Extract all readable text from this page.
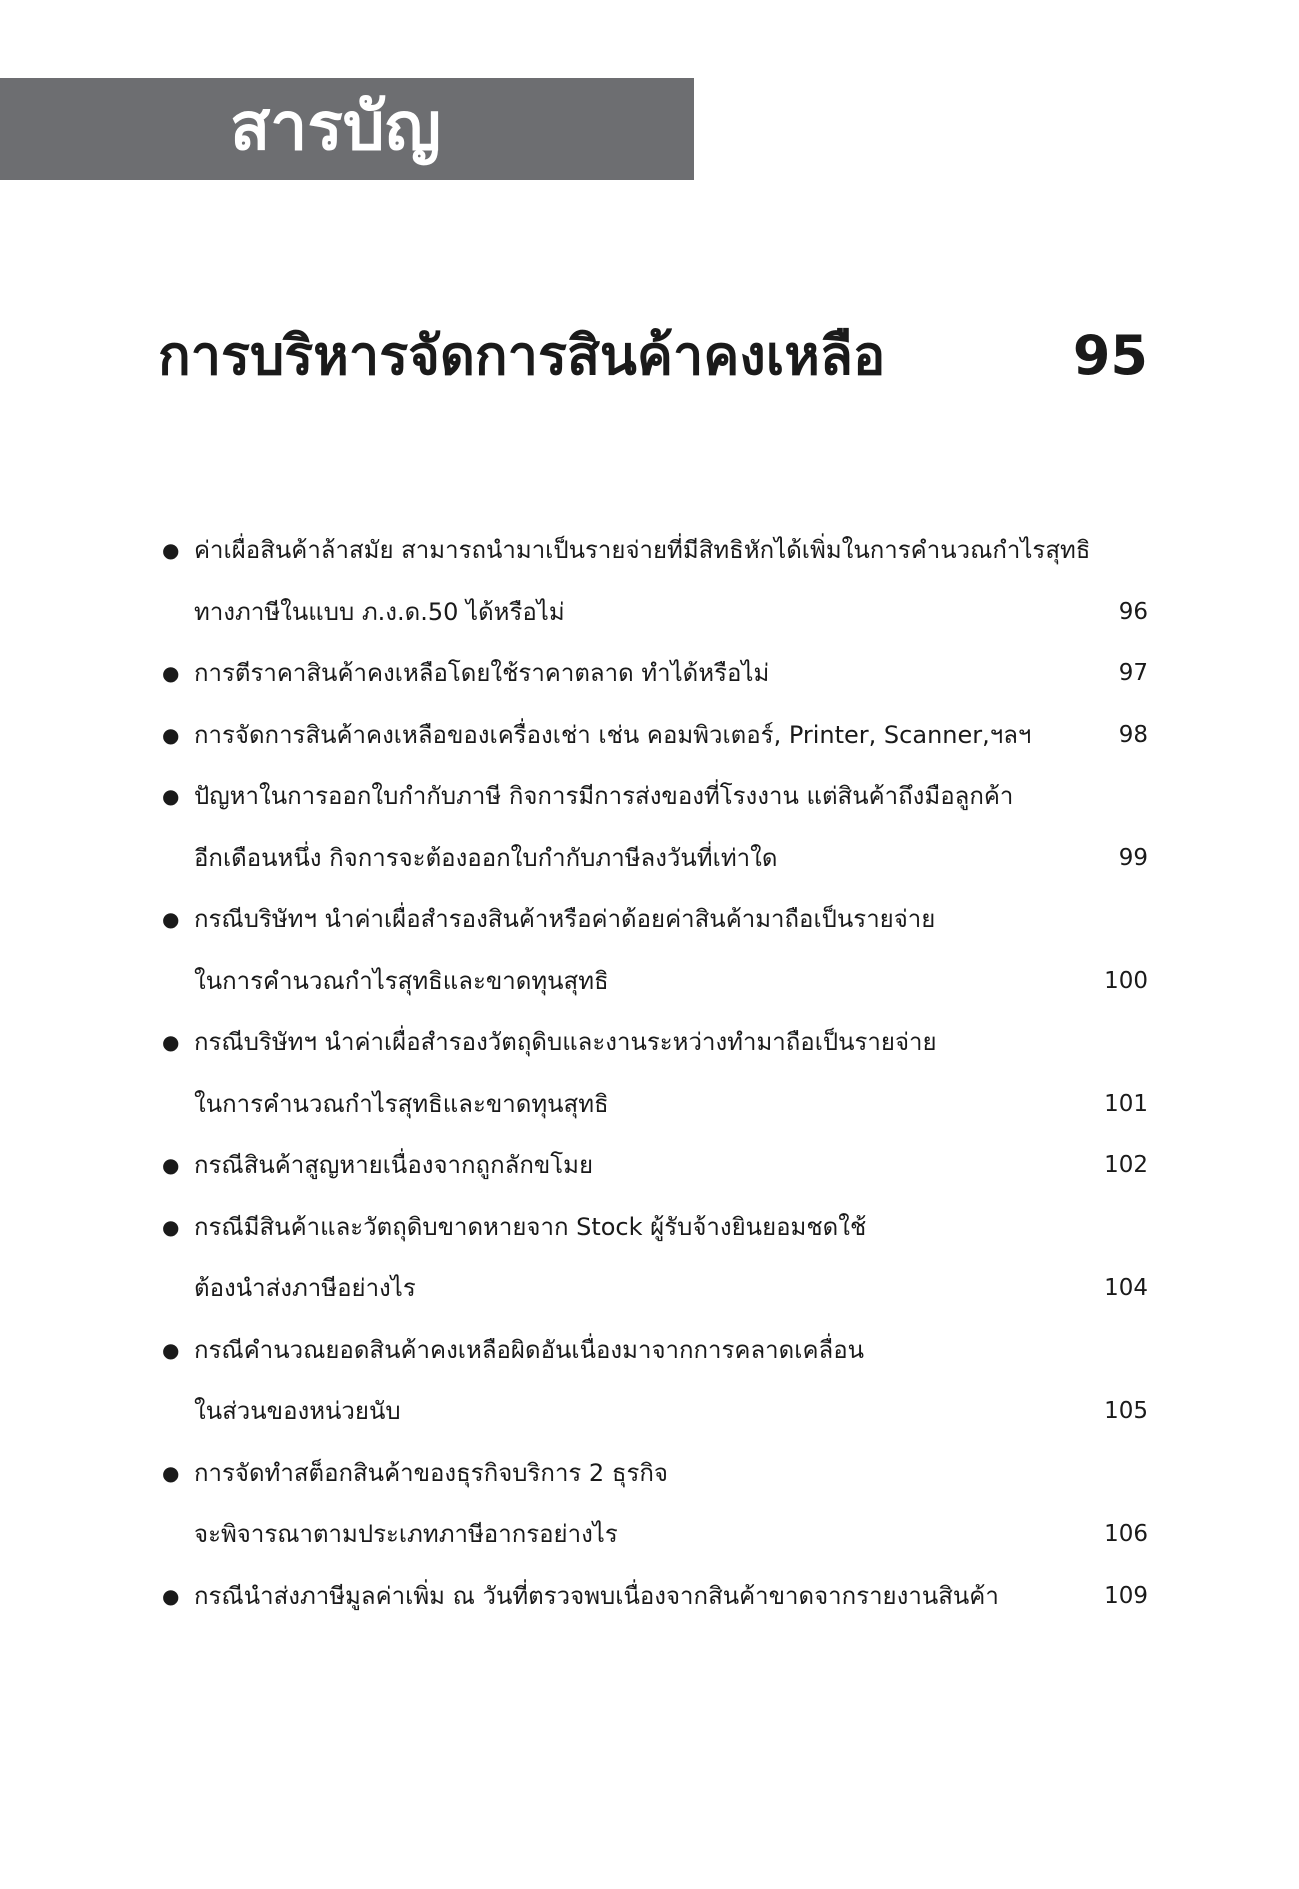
สารบัญ
การบริหารจัดการสินค้าคงเหลือ	95
● ค่าเผื่อสินค้าล้าสมัย สามารถนำมาเป็นรายจ่ายที่มีสิทธิหักได้เพิ่มในการคำนวณกำไรสุทธิ
ทางภาษีในแบบ ภ.ง.ด.50 ได้หรือไม่	96
● การตีราคาสินค้าคงเหลือโดยใช้ราคาตลาด ทำได้หรือไม่	97
● การจัดการสินค้าคงเหลือของเครื่องเช่า เช่น คอมพิวเตอร์, Printer, Scanner,ฯลฯ	98
● ปัญหาในการออกใบกำกับภาษี กิจการมีการส่งของที่โรงงาน แต่สินค้าถึงมือลูกค้า
อีกเดือนหนึ่ง กิจการจะต้องออกใบกำกับภาษีลงวันที่เท่าใด	99
● กรณีบริษัทฯ นำค่าเผื่อสำรองสินค้าหรือค่าด้อยค่าสินค้ามาถือเป็นรายจ่าย
ในการคำนวณกำไรสุทธิและขาดทุนสุทธิ	100
● กรณีบริษัทฯ นำค่าเผื่อสำรองวัตถุดิบและงานระหว่างทำมาถือเป็นรายจ่าย
ในการคำนวณกำไรสุทธิและขาดทุนสุทธิ	101
● กรณีสินค้าสูญหายเนื่องจากถูกลักขโมย	102
● กรณีมีสินค้าและวัตถุดิบขาดหายจาก Stock ผู้รับจ้างยินยอมชดใช้
ต้องนำส่งภาษีอย่างไร	104
● กรณีคำนวณยอดสินค้าคงเหลือผิดอันเนื่องมาจากการคลาดเคลื่อน
ในส่วนของหน่วยนับ	105
● การจัดทำสต็อกสินค้าของธุรกิจบริการ 2 ธุรกิจ
จะพิจารณาตามประเภทภาษีอากรอย่างไร	106
● กรณีนำส่งภาษีมูลค่าเพิ่ม ณ วันที่ตรวจพบเนื่องจากสินค้าขาดจากรายงานสินค้า	109
